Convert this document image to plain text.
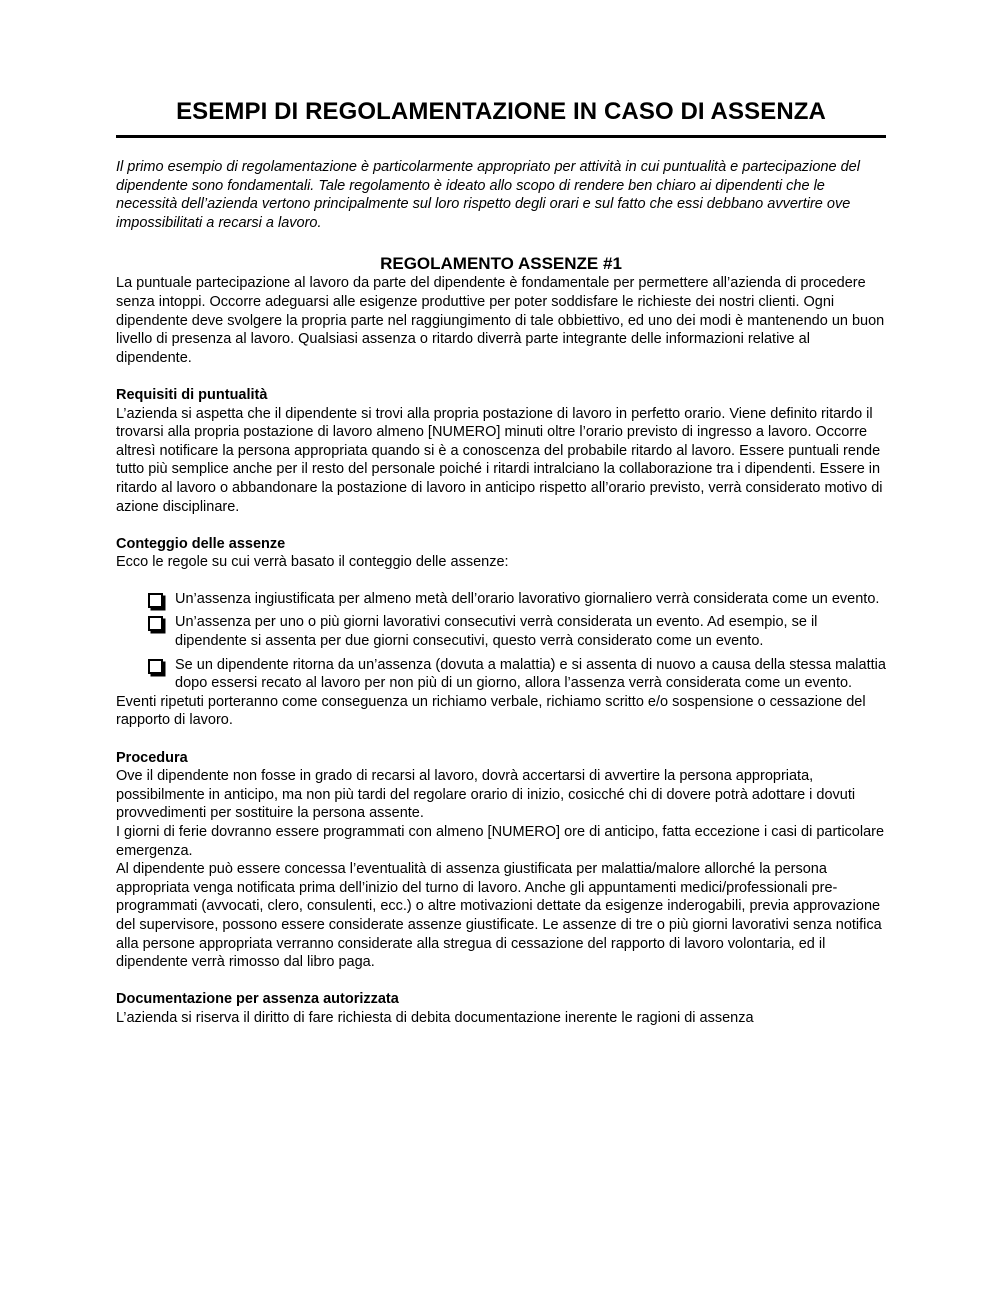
ESEMPI DI REGOLAMENTAZIONE IN CASO DI ASSENZA

Il primo esempio di regolamentazione è particolarmente appropriato per attività in cui puntualità e partecipazione del dipendente sono fondamentali. Tale regolamento è ideato allo scopo di rendere ben chiaro ai dipendenti che le necessità dell’azienda vertono principalmente sul loro rispetto degli orari e sul fatto che essi debbano avvertire ove impossibilitati a recarsi a lavoro.

REGOLAMENTO ASSENZE #1

La puntuale partecipazione al lavoro da parte del dipendente è fondamentale per permettere all’azienda di procedere senza intoppi. Occorre adeguarsi alle esigenze produttive per poter soddisfare le richieste dei nostri clienti. Ogni dipendente deve svolgere la propria parte nel raggiungimento di tale obbiettivo, ed uno dei modi è mantenendo un buon livello di presenza al lavoro. Qualsiasi assenza o ritardo diverrà parte integrante delle informazioni relative al dipendente.

Requisiti di puntualità

L’azienda si aspetta che il dipendente si trovi alla propria postazione di lavoro in perfetto orario. Viene definito ritardo il trovarsi alla propria postazione di lavoro almeno [NUMERO] minuti oltre l’orario previsto di ingresso a lavoro. Occorre altresì notificare la persona appropriata quando si è a conoscenza del probabile ritardo al lavoro. Essere puntuali rende tutto più semplice anche per il resto del personale poiché i ritardi intralciano la collaborazione tra i dipendenti. Essere in ritardo al lavoro o abbandonare la postazione di lavoro in anticipo rispetto all’orario previsto, verrà considerato motivo di azione disciplinare.

Conteggio delle assenze

Ecco le regole su cui verrà basato il conteggio delle assenze:

Un’assenza ingiustificata per almeno metà dell’orario lavorativo giornaliero verrà considerata come un evento.
Un’assenza per uno o più giorni lavorativi consecutivi verrà considerata un evento. Ad esempio, se il dipendente si assenta per due giorni consecutivi, questo verrà considerato come un evento.
Se un dipendente ritorna da un’assenza (dovuta a malattia) e si assenta di nuovo a causa della stessa malattia dopo essersi recato al lavoro per non più di un giorno, allora l’assenza verrà considerata come un evento.

Eventi ripetuti porteranno come conseguenza un richiamo verbale, richiamo scritto e/o sospensione o cessazione del rapporto di lavoro.

Procedura

Ove il dipendente non fosse in grado di recarsi al lavoro, dovrà accertarsi di avvertire la persona appropriata, possibilmente in anticipo, ma non più tardi del regolare orario di inizio, cosicché chi di dovere potrà adottare i dovuti provvedimenti per sostituire la persona assente.

I giorni di ferie dovranno essere programmati con almeno [NUMERO] ore di anticipo, fatta eccezione i casi di particolare emergenza.

Al dipendente può essere concessa l’eventualità di assenza giustificata per malattia/malore allorché la persona appropriata venga notificata prima dell’inizio del turno di lavoro. Anche gli appuntamenti medici/professionali pre-programmati (avvocati, clero, consulenti, ecc.) o altre motivazioni dettate da esigenze inderogabili, previa approvazione del supervisore, possono essere considerate assenze giustificate. Le assenze di tre o più giorni lavorativi senza notifica alla persone appropriata verranno considerate alla stregua di cessazione del rapporto di lavoro volontaria, ed il dipendente verrà rimosso dal libro paga.

Documentazione per assenza autorizzata

L’azienda si riserva il diritto di fare richiesta di debita documentazione inerente le ragioni di assenza
